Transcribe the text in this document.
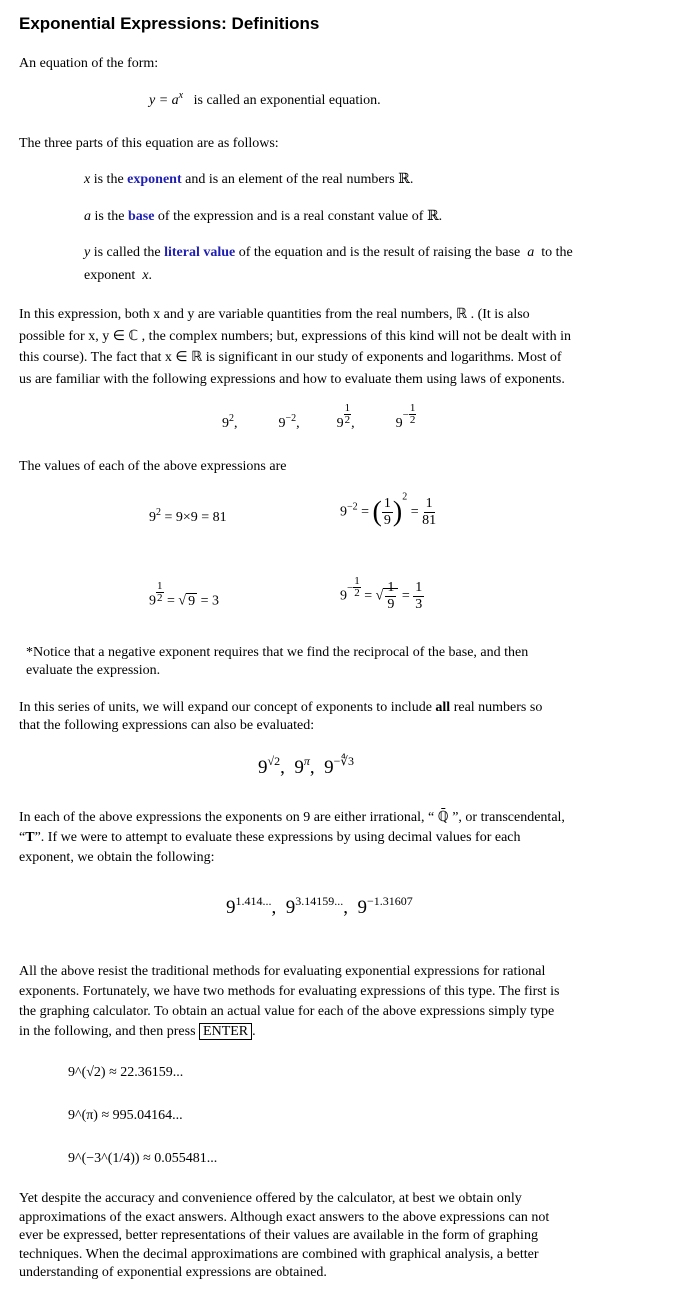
Exponential Expressions: Definitions

An equation of the form:

$y = a^x$ is called an exponential equation.

The three parts of this equation are as follows:

x is the exponent and is an element of the real numbers ℝ.
a is the base of the expression and is a real constant value of ℝ.
y is called the literal value of the equation and is the result of raising the base a to the
exponent x.
In this expression, both x and y are variable quantities from the real numbers, ℝ . (It is also
possible for x, y ∈ ℂ , the complex numbers; but, expressions of this kind will not be dealt with in
this course). The fact that x ∈ ℝ is significant in our study of exponents and logarithms. Most of
us are familiar with the following expressions and how to evaluate them using laws of exponents.
$9^2$,	$9^{-2}$,	$9 \frac{1}{2}$ ,	$9^- \frac{1}{2}$

The values of each of the above expressions are

$9^2 = 9\times 9 = 81$	$9^{-2}$ = ( $\frac{1}{9} )^2 = \frac{1}{81}$
$9 \frac{1}{2}$ = √ 9 = 3	$9^- \frac{1}{2}$ = √ $\frac{1}{9} = \frac{1}{3}$
*Notice that a negative exponent requires that we find the reciprocal of the base, and then
evaluate the expression.
In this series of units, we will expand our concept of exponents to include all real numbers so
that the following expressions can also be evaluated:
$9^{√2}$, $9^\pi$, $9^{-∜3}$
In each of the above expressions the exponents on 9 are either irrational, “ ℚ̄ ”, or transcendental,
“T”. If we were to attempt to evaluate these expressions by using decimal values for each
exponent, we obtain the following:
$9^{1.414...}$, $9^{3.14159...}$, $9^{-1.31607}$
All the above resist the traditional methods for evaluating exponential expressions for rational
exponents. Fortunately, we have two methods for evaluating expressions of this type. The first is
the graphing calculator. To obtain an actual value for each of the above expressions simply type
in the following, and then press ENTER .
9^(√2) ≈ 22.36159...
9^(π) ≈ 995.04164...
9^(−3^(1/4)) ≈ 0.055481...
Yet despite the accuracy and convenience offered by the calculator, at best we obtain only
approximations of the exact answers. Although exact answers to the above expressions can not
ever be expressed, better representations of their values are available in the form of graphing
techniques. When the decimal approximations are combined with graphical analysis, a better
understanding of exponential expressions are obtained.
